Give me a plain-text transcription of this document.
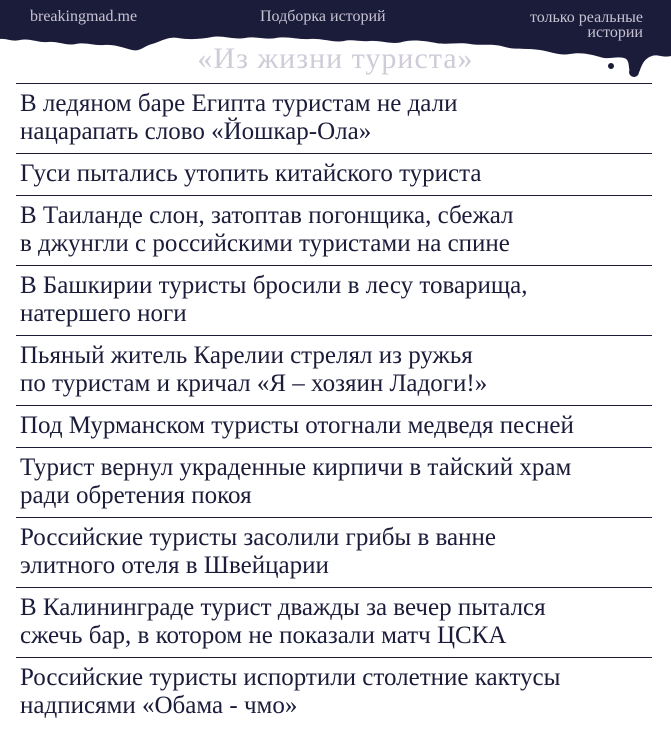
breakingmad.me	Подборка историй	только реальные истории
«Из жизни туриста»
В ледяном баре Египта туристам не дали
нацарапать слово «Йошкар-Ола»
Гуси пытались утопить китайского туриста
В Таиланде слон, затоптав погонщика, сбежал
в джунгли с российскими туристами на спине
В Башкирии туристы бросили в лесу товарища,
натершего ноги
Пьяный житель Карелии стрелял из ружья
по туристам и кричал «Я – хозяин Ладоги!»
Под Мурманском туристы отогнали медведя песней
Турист вернул украденные кирпичи в тайский храм
ради обретения покоя
Российские туристы засолили грибы в ванне
элитного отеля в Швейцарии
В Калининграде турист дважды за вечер пытался
сжечь бар, в котором не показали матч ЦСКА
Российские туристы испортили столетние кактусы
надписями «Обама - чмо»
